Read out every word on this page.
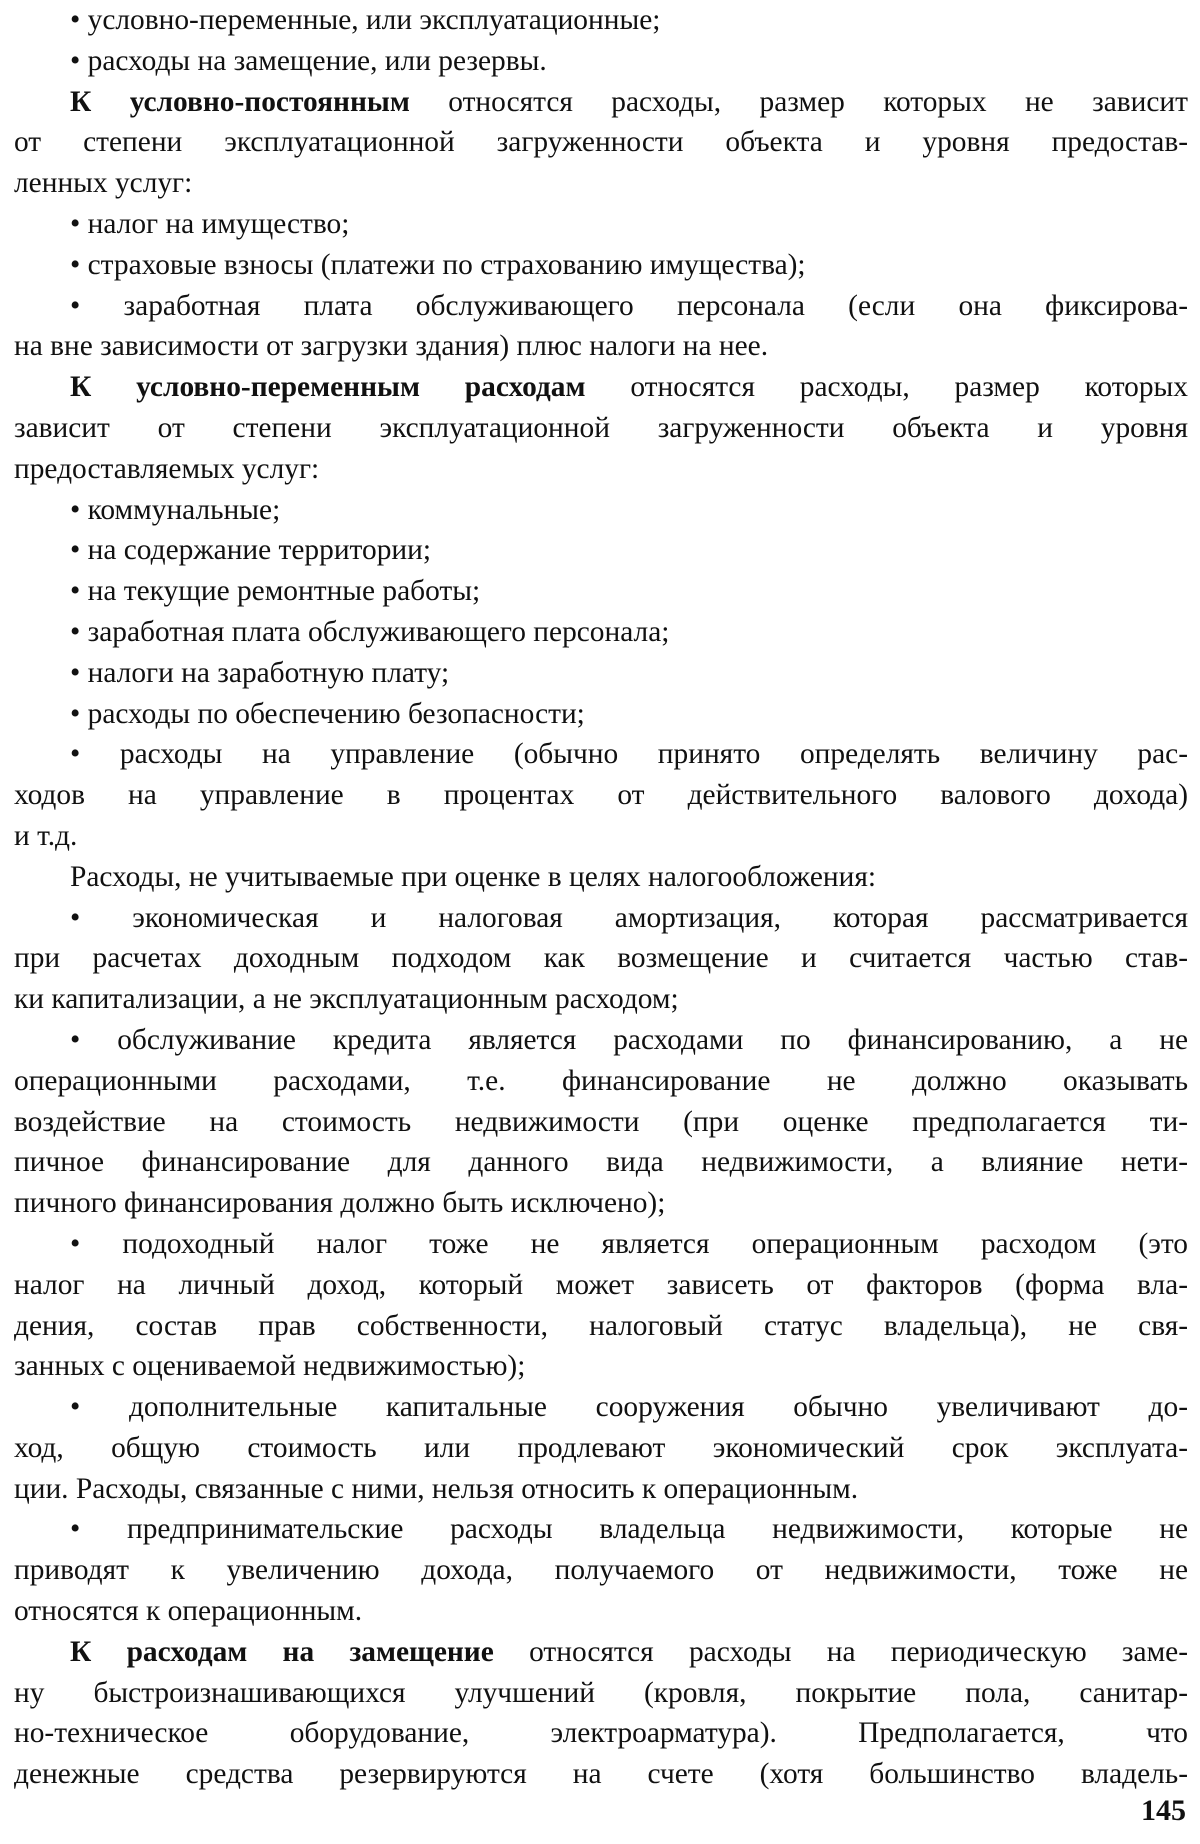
• условно-переменные, или эксплуатационные;
• расходы на замещение, или резервы.
К условно-постоянным относятся расходы, размер которых не зависит
от степени эксплуатационной загруженности объекта и уровня предостав-
ленных услуг:
• налог на имущество;
• страховые взносы (платежи по страхованию имущества);
• заработная плата обслуживающего персонала (если она фиксирова-
на вне зависимости от загрузки здания) плюс налоги на нее.
К условно-переменным расходам относятся расходы, размер которых
зависит от степени эксплуатационной загруженности объекта и уровня
предоставляемых услуг:
• коммунальные;
• на содержание территории;
• на текущие ремонтные работы;
• заработная плата обслуживающего персонала;
• налоги на заработную плату;
• расходы по обеспечению безопасности;
• расходы на управление (обычно принято определять величину рас-
ходов на управление в процентах от действительного валового дохода)
и т.д.
Расходы, не учитываемые при оценке в целях налогообложения:
• экономическая и налоговая амортизация, которая рассматривается
при расчетах доходным подходом как возмещение и считается частью став-
ки капитализации, а не эксплуатационным расходом;
• обслуживание кредита является расходами по финансированию, а не
операционными расходами, т.е. финансирование не должно оказывать
воздействие на стоимость недвижимости (при оценке предполагается ти-
пичное финансирование для данного вида недвижимости, а влияние нети-
пичного финансирования должно быть исключено);
• подоходный налог тоже не является операционным расходом (это
налог на личный доход, который может зависеть от факторов (форма вла-
дения, состав прав собственности, налоговый статус владельца), не свя-
занных с оцениваемой недвижимостью);
• дополнительные капитальные сооружения обычно увеличивают до-
ход, общую стоимость или продлевают экономический срок эксплуата-
ции. Расходы, связанные с ними, нельзя относить к операционным.
• предпринимательские расходы владельца недвижимости, которые не
приводят к увеличению дохода, получаемого от недвижимости, тоже не
относятся к операционным.
К расходам на замещение относятся расходы на периодическую заме-
ну быстроизнашивающихся улучшений (кровля, покрытие пола, санитар-
но-техническое оборудование, электроарматура). Предполагается, что
денежные средства резервируются на счете (хотя большинство владель-
145
